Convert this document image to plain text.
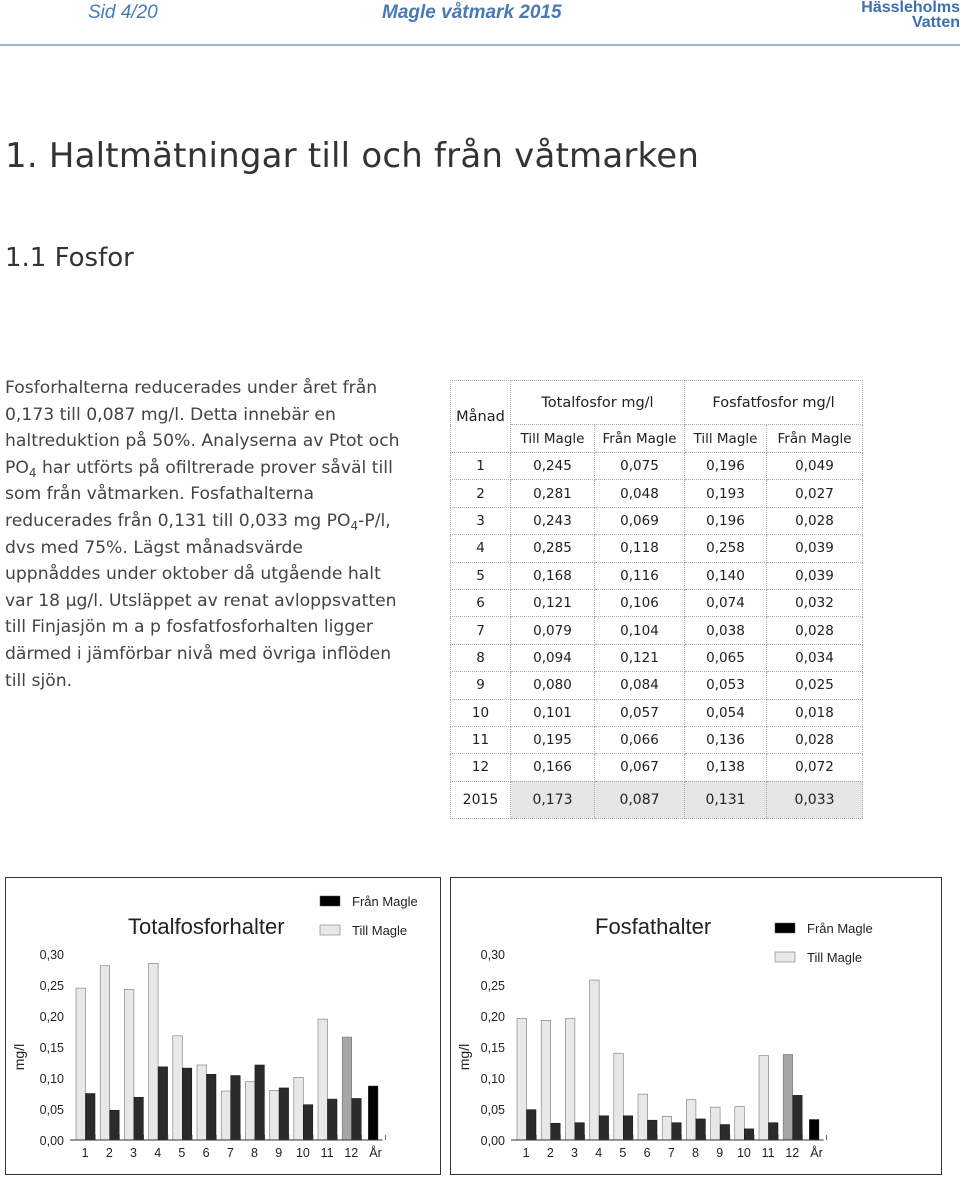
Sid 4/20	Magle våtmark 2015	Hässleholms
Vatten
1. Haltmätningar till och från våtmarken
1.1 Fosfor

Fosforhalterna reducerades under året från 0,173 till 0,087 mg/l. Detta innebär en haltreduktion på 50%. Analyserna av Ptot och $PO_4$ har utförts på ofiltrerade prover såväl till som från våtmarken. Fosfathalterna reducerades från 0,131 till 0,033 mg $PO_4-P/l$, dvs med 75%. Lägst månadsvärde uppnåddes under oktober då utgående halt var 18 µg/l. Utsläppet av renat avloppsvatten till Finjasjön m a p fosfatfosforhalten ligger därmed i jämförbar nivå med övriga inflöden till sjön.

Månad	Totalfosfor mg/l		Fosfatfosfor mg/l	
	Till Magle	Från Magle	Till Magle	Från Magle
1	0,245	0,075	0,196	0,049
2	0,281	0,048	0,193	0,027
3	0,243	0,069	0,196	0,028
4	0,285	0,118	0,258	0,039
5	0,168	0,116	0,140	0,039
6	0,121	0,106	0,074	0,032
7	0,079	0,104	0,038	0,028
8	0,094	0,121	0,065	0,034
9	0,080	0,084	0,053	0,025
10	0,101	0,057	0,054	0,018
11	0,195	0,066	0,136	0,028
12	0,166	0,067	0,138	0,072
2015	0,173	0,087	0,131	0,033
0,00
0,05
0,10
0,15
0,20
0,25
0,30
mg/l
Totalfosforhalter
Från Magle
Till Magle
1 2 3 4 5 6 7 8 9 10 11 12 År
0,00
0,05
0,10
0,15
0,20
0,25
0,30
mg/l
Fosfathalter	Från Magle
Till Magle
1 2 3 4 5 6 7 8 9 10 11 12 År
